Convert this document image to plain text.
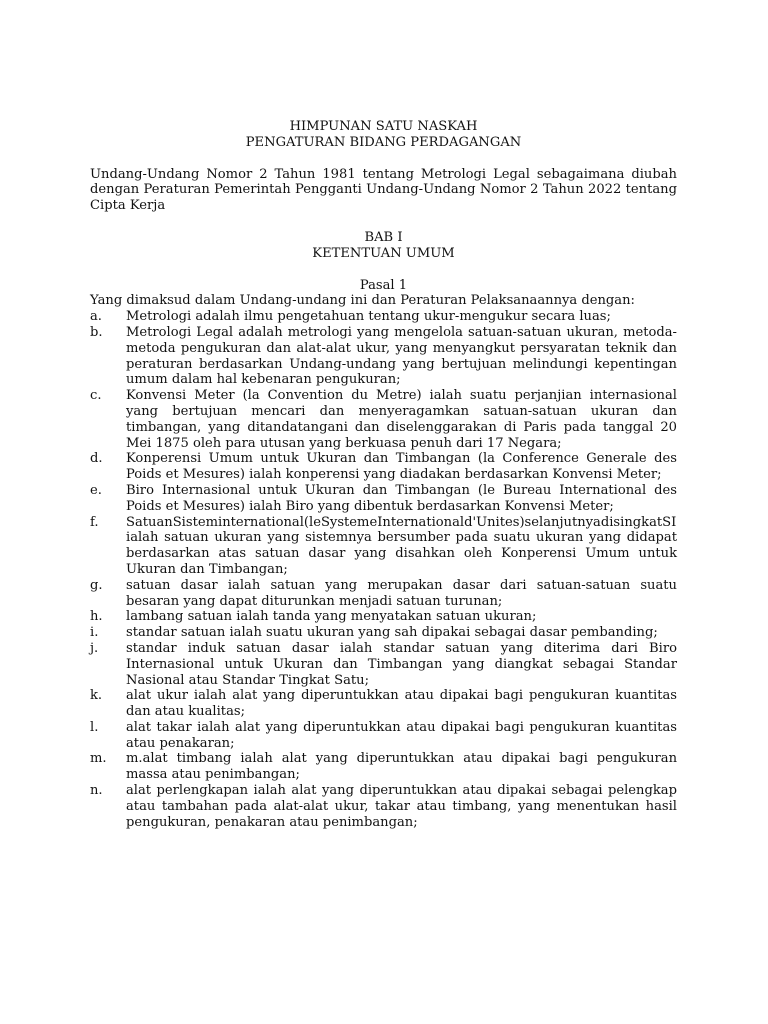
HIMPUNAN SATU NASKAH
PENGATURAN BIDANG PERDAGANGAN
Undang-Undang Nomor 2 Tahun 1981 tentang Metrologi Legal sebagaimana diubah dengan Peraturan Pemerintah Pengganti Undang-Undang Nomor 2 Tahun 2022 tentang Cipta Kerja
BAB I
KETENTUAN UMUM
Pasal 1
Yang dimaksud dalam Undang-undang ini dan Peraturan Pelaksanaannya dengan:
a.	Metrologi adalah ilmu pengetahuan tentang ukur-mengukur secara luas;
b.	Metrologi Legal adalah metrologi yang mengelola satuan-satuan ukuran, metoda-metoda pengukuran dan alat-alat ukur, yang menyangkut persyaratan teknik dan peraturan berdasarkan Undang-undang yang bertujuan melindungi kepentingan umum dalam hal kebenaran pengukuran;
c.	Konvensi Meter (la Convention du Metre) ialah suatu perjanjian internasional yang bertujuan mencari dan menyeragamkan satuan-satuan ukuran dan timbangan, yang ditandatangani dan diselenggarakan di Paris pada tanggal 20 Mei 1875 oleh para utusan yang berkuasa penuh dari 17 Negara;
d.	Konperensi Umum untuk Ukuran dan Timbangan (la Conference Generale des Poids et Mesures) ialah konperensi yang diadakan berdasarkan Konvensi Meter;
e.	Biro Internasional untuk Ukuran dan Timbangan (le Bureau International des Poids et Mesures) ialah Biro yang dibentuk berdasarkan Konvensi Meter;
f.	SatuanSisteminternational(leSystemeInternationald'Unites)selanjutnyadisingkatSIialah satuan ukuran yang sistemnya bersumber pada suatu ukuran yang didapat berdasarkan atas satuan dasar yang disahkan oleh Konperensi Umum untuk Ukuran dan Timbangan;
g.	satuan dasar ialah satuan yang merupakan dasar dari satuan-satuan suatu besaran yang dapat diturunkan menjadi satuan turunan;
h.	lambang satuan ialah tanda yang menyatakan satuan ukuran;
i.	standar satuan ialah suatu ukuran yang sah dipakai sebagai dasar pembanding;
j.	standar induk satuan dasar ialah standar satuan yang diterima dari Biro Internasional untuk Ukuran dan Timbangan yang diangkat sebagai Standar Nasional atau Standar Tingkat Satu;
k.	alat ukur ialah alat yang diperuntukkan atau dipakai bagi pengukuran kuantitas dan atau kualitas;
l.	alat takar ialah alat yang diperuntukkan atau dipakai bagi pengukuran kuantitas atau penakaran;
m.	m.alat timbang ialah alat yang diperuntukkan atau dipakai bagi pengukuran massa atau penimbangan;
n.	alat perlengkapan ialah alat yang diperuntukkan atau dipakai sebagai pelengkap atau tambahan pada alat-alat ukur, takar atau timbang, yang menentukan hasil pengukuran, penakaran atau penimbangan;
